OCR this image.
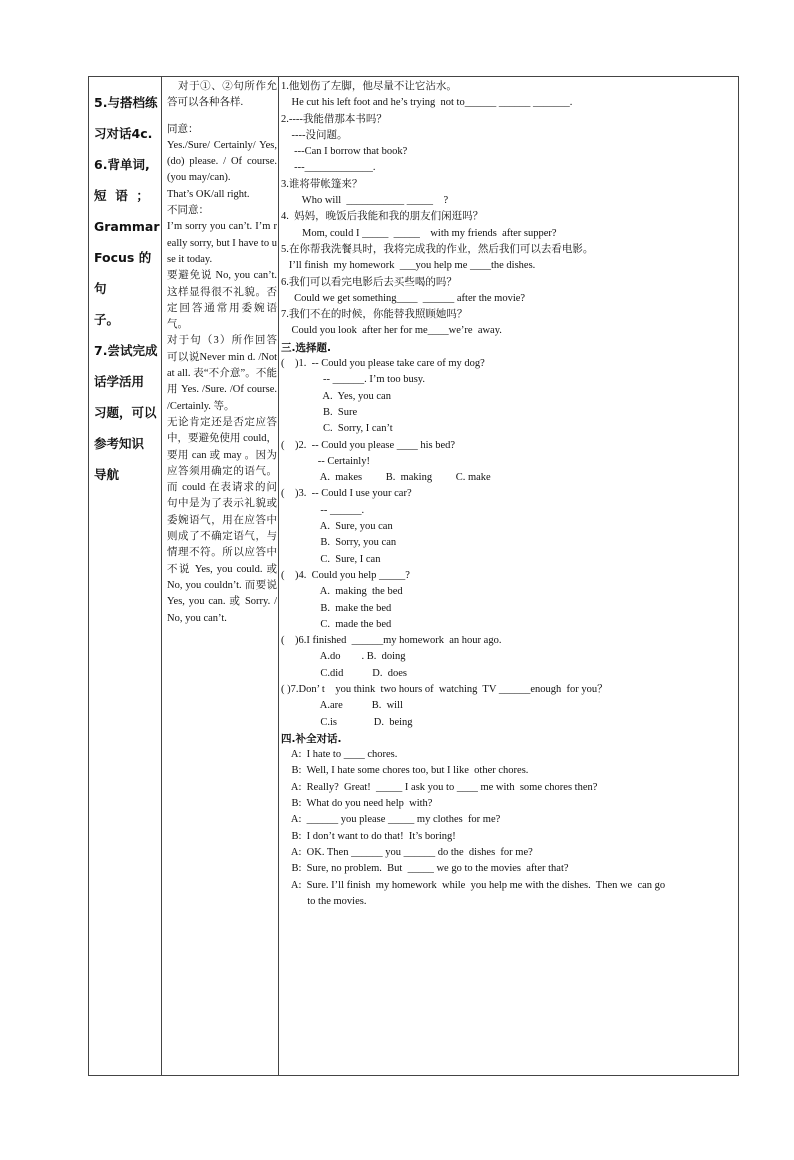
5.与搭档练

习对话4c.

6.背单词,

短  语  ；

Grammar

Focus 的句

子。

7.尝试完成

话学活用

习题，可以

参考知识

导航

　对于①、②句所作允答可以各种各样.

同意：

Yes./Sure/ Certainly/ Yes, (do) please. / Of course. (you may/can).

That’s OK/all right.

不同意：

I’m sorry you can’t. I’m really sorry, but I have to use it today.

要避免说 No, you can’t. 这样显得很不礼貌。否定回答通常用委婉语气。

对于句（3）所作回答可以说Never min d. /Not at all. 表“不介意”。不能用 Yes. /Sure. /Of course. /Certainly. 等。

无论肯定还是否定应答中，要避免使用 could，要用 can 或 may 。因为应答须用确定的语气。而 could 在表请求的问句中是为了表示礼貌或委婉语气，用在应答中则成了不确定语气，与情理不符。所以应答中不说 Yes, you could. 或 No, you couldn’t. 而要说 Yes, you can. 或 Sorry. /No, you can’t.

1.他划伤了左脚，他尽量不让它沾水。
He cut his left foot and he’s trying  not to______ ______ _______.
2.----我能借那本书吗？
----没问题。
---Can I borrow that book?
---_____________.
3.谁将带帐篷来？
Who will  ___________ _____    ?
4.  妈妈，晚饭后我能和我的朋友们闲逛吗？
Mom, could I _____  _____    with my friends  after supper?
5.在你帮我洗餐具时，我将完成我的作业，然后我们可以去看电影。
I’ll finish  my homework  ___you help me ____the dishes.
6.我们可以看完电影后去买些喝的吗？
Could we get something____  ______ after the movie?
7.我们不在的时候，你能替我照顾她吗？
Could you look  after her for me____we’re  away.
三.选择题.
(    )1.  -- Could you please take care of my dog?
-- ______. I’m too busy.
A.  Yes, you can
B.  Sure
C.  Sorry, I can’t
(    )2.  -- Could you please ____ his bed?
-- Certainly!
A.  makes         B.  making         C. make
(    )3.  -- Could I use your car?
-- ______.
A.  Sure, you can
B.  Sorry, you can
C.  Sure, I can
(    )4.  Could you help _____?
A.  making  the bed
B.  make the bed
C.  made the bed
(    )6.I finished  ______my homework  an hour ago.
A.do        . B.  doing
C.did           D.  does
( )7.Don’ t    you think  two hours of  watching  TV ______enough  for you？
A.are           B.  will
C.is              D.  being
四.补全对话.
A:  I hate to ____ chores.
B:  Well, I hate some chores too, but I like  other chores.
A:  Really?  Great!  _____ I ask you to ____ me with  some chores then?
B:  What do you need help  with?
A:  ______ you please _____ my clothes  for me?
B:  I don’t want to do that!  It’s boring!
A:  OK. Then ______ you ______ do the  dishes  for me?
B:  Sure, no problem.  But  _____ we go to the movies  after that?
A:  Sure. I’ll finish  my homework  while  you help me with the dishes.  Then we  can go
to the movies.
